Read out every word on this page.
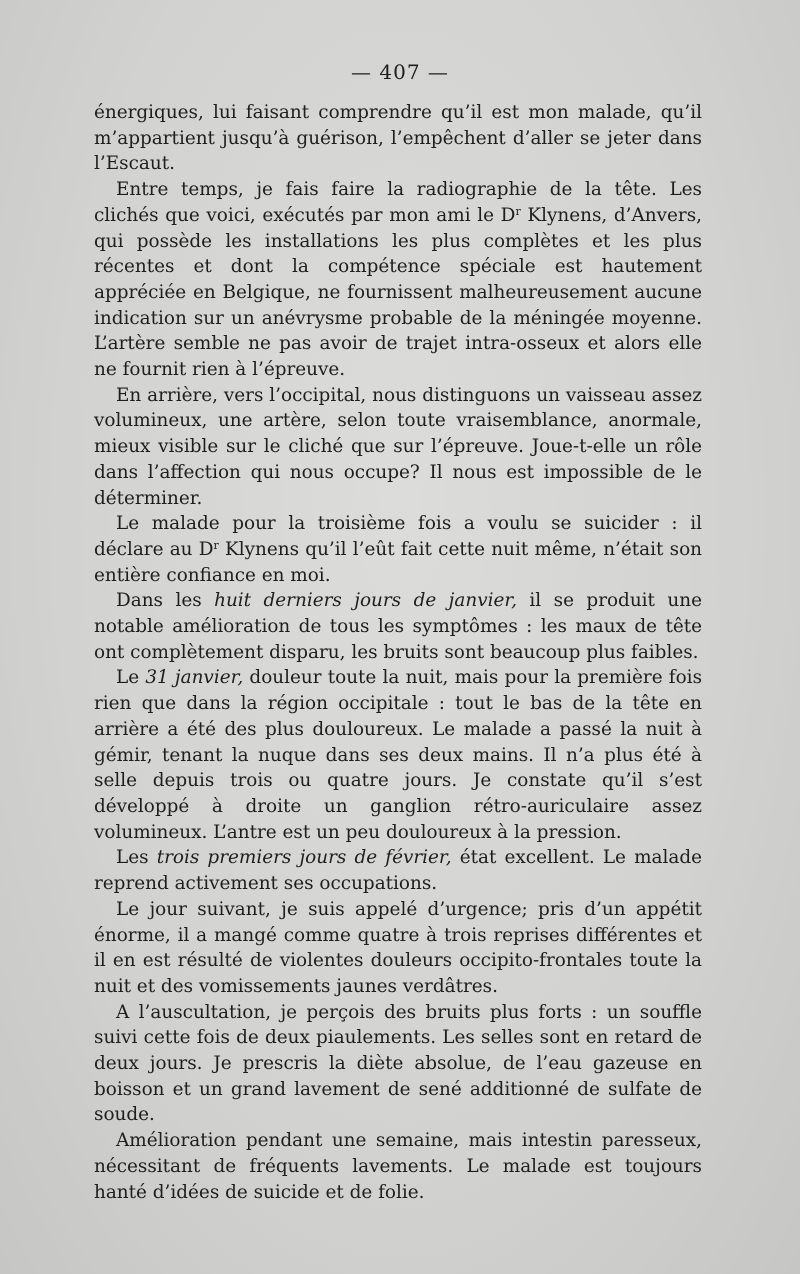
— 407 —

énergiques, lui faisant comprendre qu’il est mon malade, qu’il m’appartient jusqu’à guérison, l’empêchent d’aller se jeter dans l’Escaut.

Entre temps, je fais faire la radiographie de la tête. Les clichés que voici, exécutés par mon ami le $D^r$ Klynens, d’Anvers, qui possède les installations les plus complètes et les plus récentes et dont la compétence spéciale est hautement appréciée en Belgique, ne fournissent malheureusement aucune indication sur un anévrysme probable de la méningée moyenne. L’artère semble ne pas avoir de trajet intra-osseux et alors elle ne fournit rien à l’épreuve.

En arrière, vers l’occipital, nous distinguons un vaisseau assez volumineux, une artère, selon toute vraisemblance, anormale, mieux visible sur le cliché que sur l’épreuve. Joue-t-elle un rôle dans l’affection qui nous occupe? Il nous est impossible de le déterminer.

Le malade pour la troisième fois a voulu se suicider : il déclare au $D^r$ Klynens qu’il l’eût fait cette nuit même, n’était son entière confiance en moi.

Dans les huit derniers jours de janvier, il se produit une notable amélioration de tous les symptômes : les maux de tête ont complètement disparu, les bruits sont beaucoup plus faibles.

Le 31 janvier, douleur toute la nuit, mais pour la première fois rien que dans la région occipitale : tout le bas de la tête en arrière a été des plus douloureux. Le malade a passé la nuit à gémir, tenant la nuque dans ses deux mains. Il n’a plus été à selle depuis trois ou quatre jours. Je constate qu’il s’est développé à droite un ganglion rétro-auriculaire assez volumineux. L’antre est un peu douloureux à la pression.

Les trois premiers jours de février, état excellent. Le malade reprend activement ses occupations.

Le jour suivant, je suis appelé d’urgence; pris d’un appétit énorme, il a mangé comme quatre à trois reprises différentes et il en est résulté de violentes douleurs occipito-frontales toute la nuit et des vomissements jaunes verdâtres.

A l’auscultation, je perçois des bruits plus forts : un souffle suivi cette fois de deux piaulements. Les selles sont en retard de deux jours. Je prescris la diète absolue, de l’eau gazeuse en boisson et un grand lavement de sené additionné de sulfate de soude.

Amélioration pendant une semaine, mais intestin paresseux, nécessitant de fréquents lavements. Le malade est toujours hanté d’idées de suicide et de folie.
